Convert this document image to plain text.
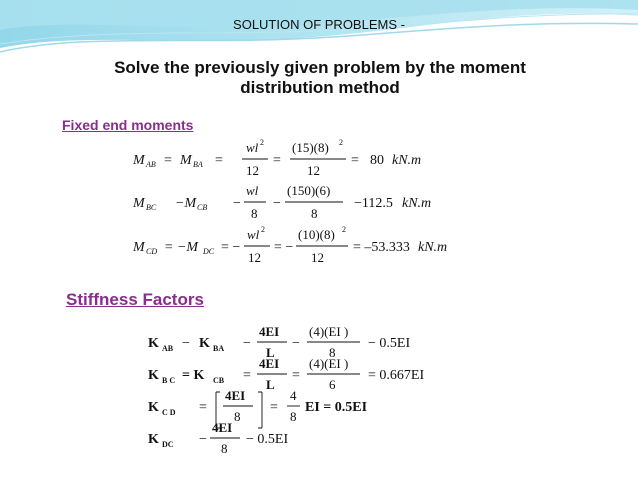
SOLUTION OF PROBLEMS -
Solve the previously given problem by the moment
distribution method
Fixed end moments
Stiffness Factors
M AB = M BA =
wl 2
12
=
(15)(8) 2
12
= 80 kN.m
M BC −M CB −
wl
8
−
(150)(6)
8
−112.5 kN.m
M CD = −M DC = −
wl 2
12
= −
(10)(8) 2
12
= –53.333 kN.m
K AB − K BA −
4EI
L
−
(4)(EI )
8
− 0.5EI
K B C = K CB =
4EI
L
=
(4)(EI )
6
= 0.667EI
K C D =
4EI
8
=
4
8
EI = 0.5EI
K DC −
4EI
8
− 0.5EI
